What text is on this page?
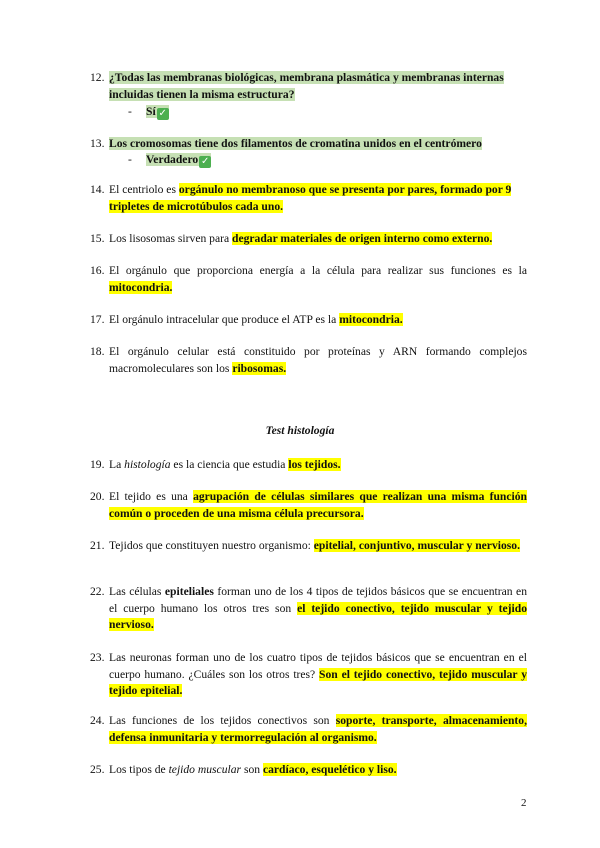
12. ¿Todas las membranas biológicas, membrana plasmática y membranas internas incluidas tienen la misma estructura?
- Sí ✓
13. Los cromosomas tiene dos filamentos de cromatina unidos en el centrómero
- Verdadero ✓
14. El centriolo es orgánulo no membranoso que se presenta por pares, formado por 9 tripletes de microtúbulos cada uno.
15. Los lisosomas sirven para degradar materiales de origen interno como externo.
16. El orgánulo que proporciona energía a la célula para realizar sus funciones es la mitocondria.
17. El orgánulo intracelular que produce el ATP es la mitocondria.
18. El orgánulo celular está constituido por proteínas y ARN formando complejos macromoleculares son los ribosomas.
Test histología
19. La histología es la ciencia que estudia los tejidos.
20. El tejido es una agrupación de células similares que realizan una misma función común o proceden de una misma célula precursora.
21. Tejidos que constituyen nuestro organismo: epitelial, conjuntivo, muscular y nervioso.
22. Las células epiteliales forman uno de los 4 tipos de tejidos básicos que se encuentran en el cuerpo humano los otros tres son el tejido conectivo, tejido muscular y tejido nervioso.
23. Las neuronas forman uno de los cuatro tipos de tejidos básicos que se encuentran en el cuerpo humano. ¿Cuáles son los otros tres? Son el tejido conectivo, tejido muscular y tejido epitelial.
24. Las funciones de los tejidos conectivos son soporte, transporte, almacenamiento, defensa inmunitaria y termorregulación al organismo.
25. Los tipos de tejido muscular son cardíaco, esquelético y liso.
2
